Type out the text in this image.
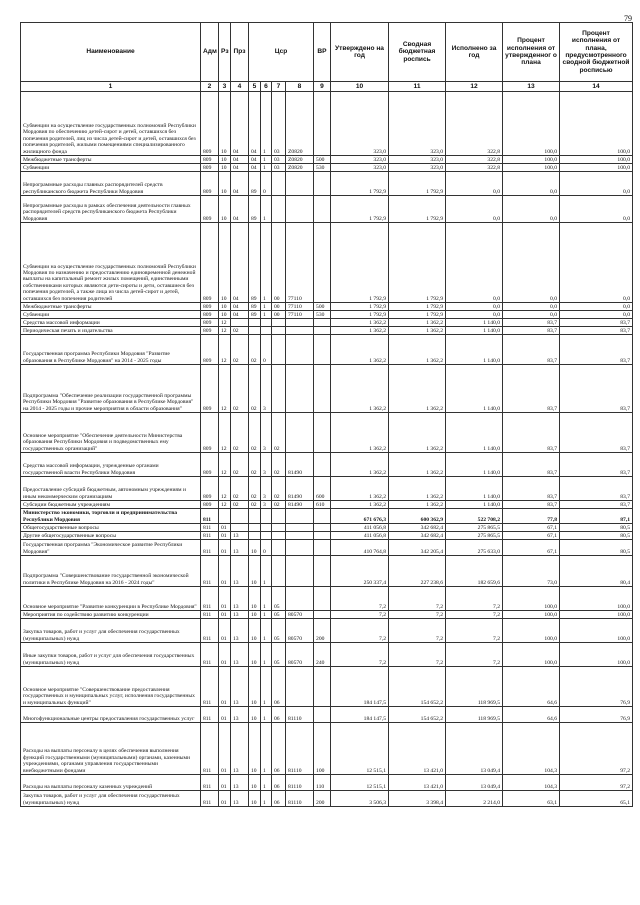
79
Наименование	Адм	Рз	Прз	Цср				ВР	Утверждено на год	Сводная бюджетная роспись	Исполнено за год	Процент исполнения от утвержденног о плана	Процент исполнения от плана, предусмотренного сводной бюджетной росписью
1	2	3	4	5	6	7	8	9	10	11	12	13	14
Субвенции на осуществление государственных полномочий Республики Мордовия по обеспечению детей-сирот и детей, оставшихся без попечения родителей, лиц из числа детей-сирот и детей, оставшихся без попечения родителей, жилыми помещениями специализированного жилищного фонда	809	10	04	04	1	03	Z0820		323,0	323,0	322,8	100,0	100,0
Межбюджетные трансферты	809	10	04	04	1	03	Z0820	500	323,0	323,0	322,8	100,0	100,0
Субвенции	809	10	04	04	1	03	Z0820	530	323,0	323,0	322,8	100,0	100,0
Непрограммные расходы главных распорядителей средств республиканского бюджета Республики Мордовия	809	10	04	89	0				1 792,9	1 792,9	0,0	0,0	0,0
Непрограммные расходы в рамках обеспечения деятельности главных распорядителей средств республиканского бюджета Республики Мордовия	809	10	04	89	1				1 792,9	1 792,9	0,0	0,0	0,0
Субвенции на осуществление государственных полномочий Республики Мордовия по назначению и предоставлению единовременной денежной выплаты на капитальный ремонт жилых помещений, единственными собственниками которых являются дети-сироты и дети, оставшиеся без попечения родителей, а также лица из числа детей-сирот и детей, оставшихся без попечения родителей	809	10	04	89	1	00	77110		1 792,9	1 792,9	0,0	0,0	0,0
Межбюджетные трансферты	809	10	04	89	1	00	77110	500	1 792,9	1 792,9	0,0	0,0	0,0
Субвенции	809	10	04	89	1	00	77110	530	1 792,9	1 792,9	0,0	0,0	0,0
Средства массовой информации	809	12							1 362,2	1 362,2	1 140,0	83,7	83,7
Периодическая печать и издательства	809	12	02						1 362,2	1 362,2	1 140,0	83,7	83,7
Государственная программа Республики Мордовия "Развитие образования в Республике Мордовия" на 2014 - 2025 годы	809	12	02	02	0				1 362,2	1 362,2	1 140,0	83,7	83,7
Подпрограмма "Обеспечение реализации государственной программы Республики Мордовия "Развитие образования в Республике Мордовия" на 2014 - 2025 годы и прочие мероприятия в области образования"	809	12	02	02	3				1 362,2	1 362,2	1 140,0	83,7	83,7
Основное мероприятие "Обеспечение деятельности Министерства образования Республики Мордовия и подведомственных ему государственных организаций"	809	12	02	02	3	02			1 362,2	1 362,2	1 140,0	83,7	83,7
Средства массовой информации, учрежденные органами государственной власти Республики Мордовия	809	12	02	02	3	02	81490		1 362,2	1 362,2	1 140,0	83,7	83,7
Предоставление субсидий бюджетным, автономным учреждениям и иным некоммерческим организациям	809	12	02	02	3	02	81490	600	1 362,2	1 362,2	1 140,0	83,7	83,7
Субсидии бюджетным учреждениям	809	12	02	02	3	02	81490	610	1 362,2	1 362,2	1 140,0	83,7	83,7
Министерство экономики, торговли и предпринимательства Республики Мордовия	811								671 676,3	600 362,9	522 708,2	77,8	87,1
Общегосударственные вопросы	811	01							411 056,8	342 682,4	275 865,5	67,1	80,5
Другие общегосударственные вопросы	811	01	13						411 056,8	342 682,4	275 865,5	67,1	80,5
Государственная программа "Экономическое развитие Республики Мордовия"	811	01	13	10	0				410 764,8	342 205,4	275 633,0	67,1	80,5
Подпрограмма "Совершенствование государственной экономической политики в Республике Мордовия на 2016 - 2024 годы"	811	01	13	10	1				250 337,4	227 238,6	182 659,6	73,0	80,4
Основное мероприятие "Развитие конкуренции в Республике Мордовия"	811	01	13	10	1	05			7,2	7,2	7,2	100,0	100,0
Мероприятия по содействию развитию конкуренции	811	01	13	10	1	05	80570		7,2	7,2	7,2	100,0	100,0
Закупка товаров, работ и услуг для обеспечения государственных (муниципальных) нужд	811	01	13	10	1	05	80570	200	7,2	7,2	7,2	100,0	100,0
Иные закупки товаров, работ и услуг для обеспечения государственных (муниципальных) нужд	811	01	13	10	1	05	80570	240	7,2	7,2	7,2	100,0	100,0
Основное мероприятие "Совершенствование предоставления государственных и муниципальных услуг, исполнения государственных и муниципальных функций"	811	01	13	10	1	06			184 147,5	154 652,2	118 969,5	64,6	76,9
Многофункциональные центры предоставления государственных услуг	811	01	13	10	1	06	81110		184 147,5	154 652,2	118 969,5	64,6	76,9
Расходы на выплаты персоналу в целях обеспечения выполнения функций государственными (муниципальными) органами, казенными учреждениями, органами управления государственными внебюджетными фондами	811	01	13	10	1	06	81110	100	12 515,1	13 421,0	13 049,4	104,3	97,2
Расходы на выплаты персоналу казенных учреждений	811	01	13	10	1	06	81110	110	12 515,1	13 421,0	13 049,4	104,3	97,2
Закупка товаров, работ и услуг для обеспечения государственных (муниципальных) нужд	811	01	13	10	1	06	81110	200	3 506,3	3 398,4	2 214,0	63,1	65,1
